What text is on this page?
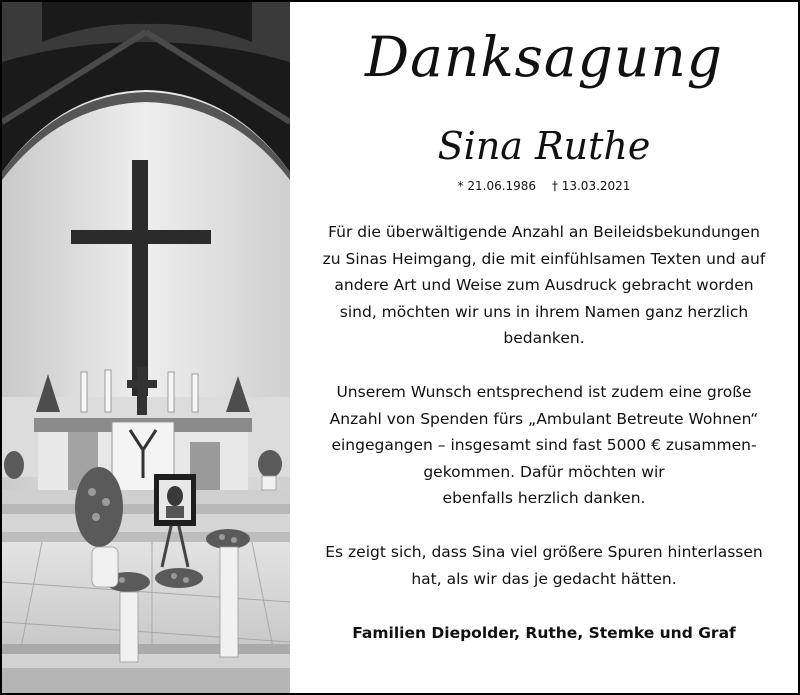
Danksagung
Sina Ruthe
* 21.06.1986 † 13.03.2021
Für die überwältigende Anzahl an Beileidsbekundungen
zu Sinas Heimgang, die mit einfühlsamen Texten und auf
andere Art und Weise zum Ausdruck gebracht worden
sind, möchten wir uns in ihrem Namen ganz herzlich
bedanken.
Unserem Wunsch entsprechend ist zudem eine große
Anzahl von Spenden fürs „Ambulant Betreute Wohnen“
eingegangen – insgesamt sind fast 5000 € zusammen-
gekommen. Dafür möchten wir
ebenfalls herzlich danken.
Es zeigt sich, dass Sina viel größere Spuren hinterlassen
hat, als wir das je gedacht hätten.
Familien Diepolder, Ruthe, Stemke und Graf
